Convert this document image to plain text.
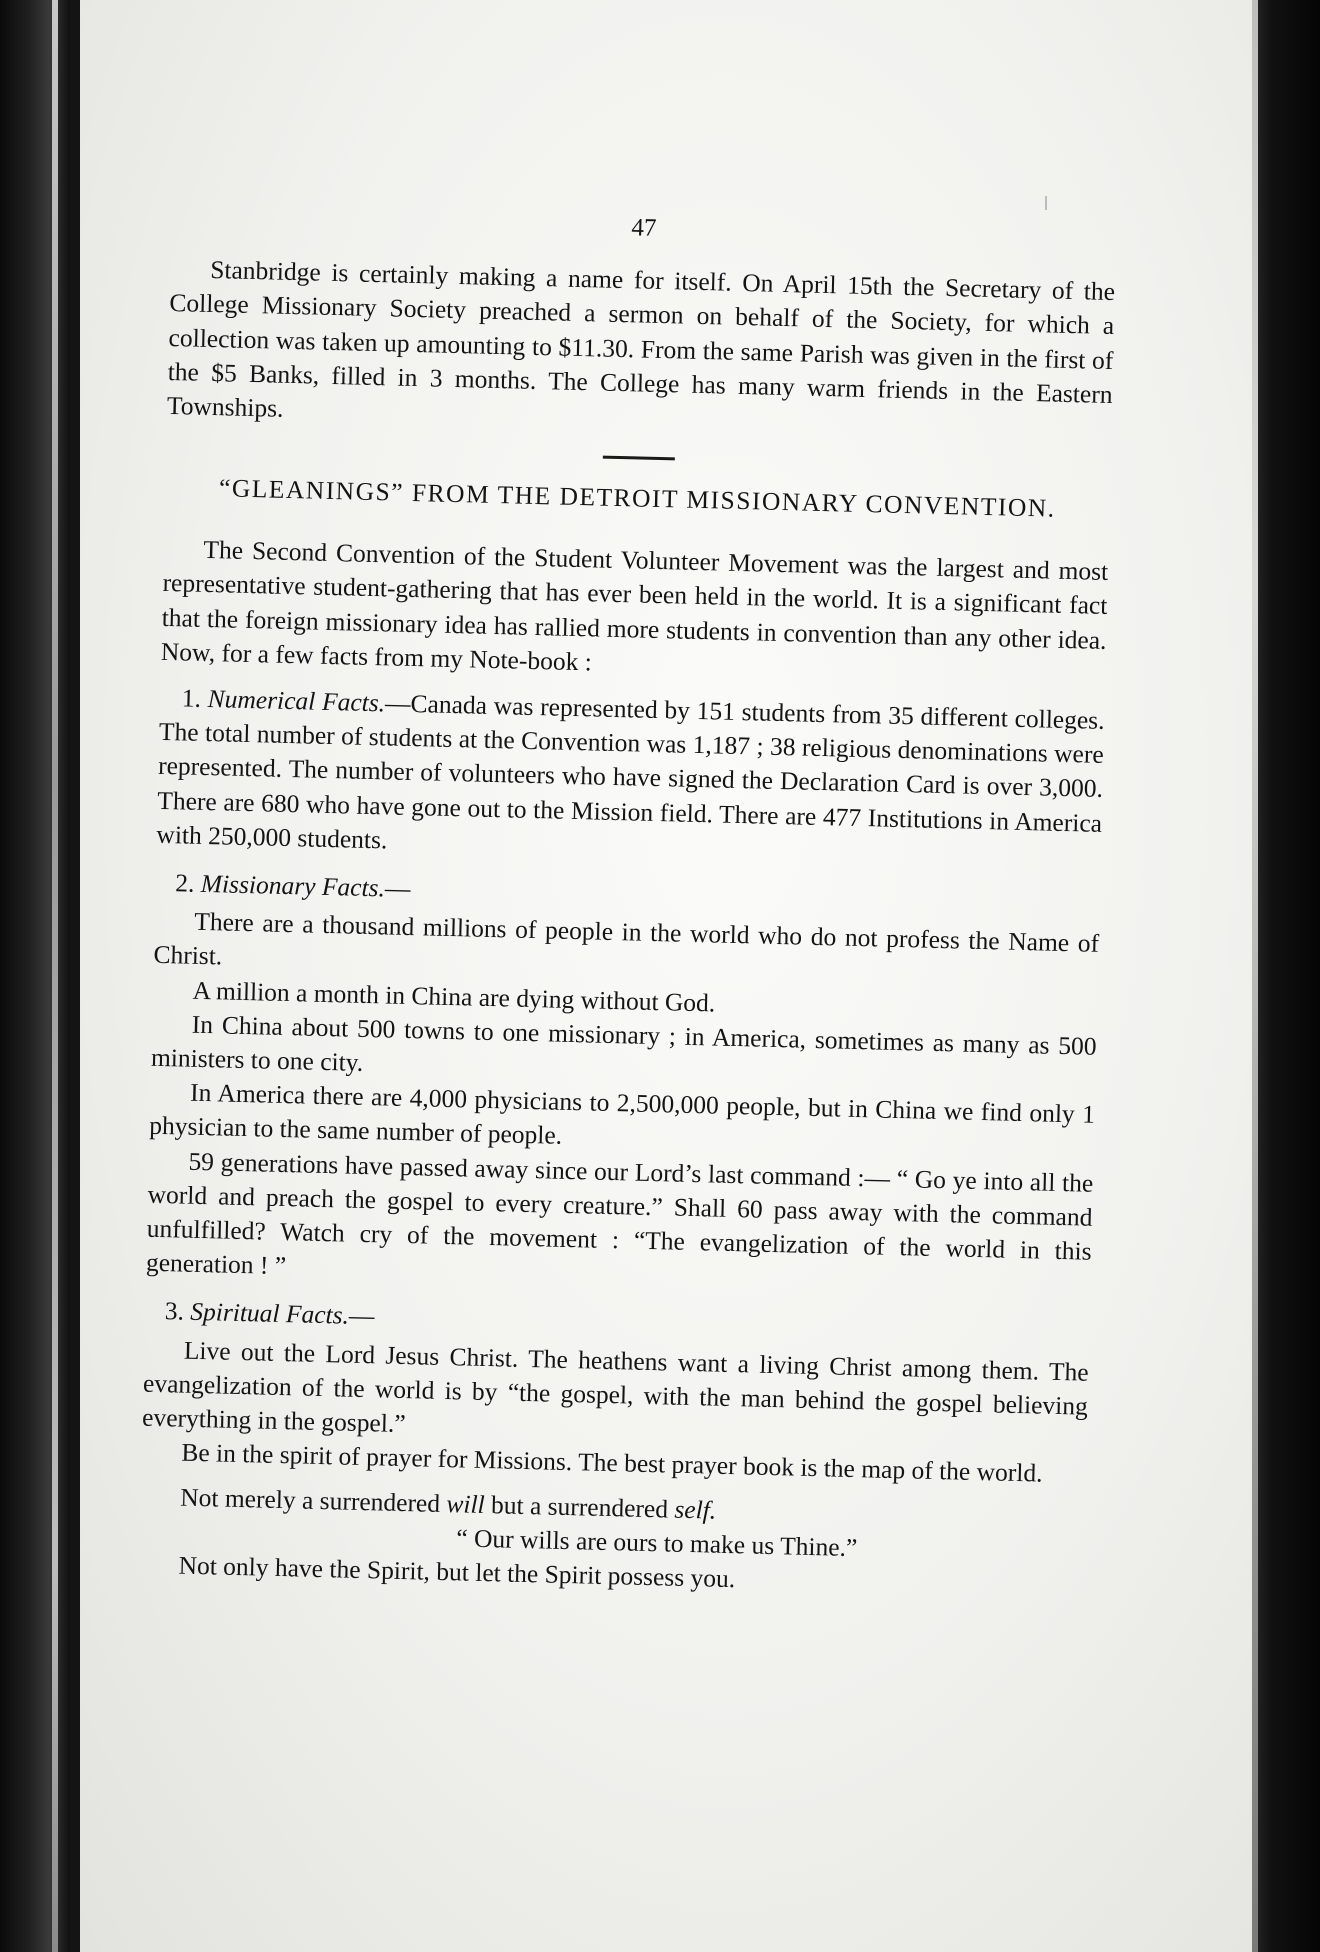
47

Stanbridge is certainly making a name for itself. On April 15th the Secretary of the College Missionary Society preached a sermon on behalf of the Society, for which a collection was taken up amounting to $11.30. From the same Parish was given in the first of the $5 Banks, filled in 3 months. The College has many warm friends in the Eastern Townships.

“GLEANINGS” FROM THE DETROIT MISSIONARY CONVENTION.

The Second Convention of the Student Volunteer Movement was the largest and most representative student-gathering that has ever been held in the world. It is a significant fact that the foreign missionary idea has rallied more students in convention than any other idea. Now, for a few facts from my Note-book :

1. Numerical Facts.—Canada was represented by 151 students from 35 different colleges. The total number of students at the Convention was 1,187 ; 38 religious denominations were represented. The number of volunteers who have signed the Declaration Card is over 3,000. There are 680 who have gone out to the Mission field. There are 477 Institutions in America with 250,000 students.

2. Missionary Facts.—

There are a thousand millions of people in the world who do not profess the Name of Christ.

A million a month in China are dying without God.

In China about 500 towns to one missionary ; in America, sometimes as many as 500 ministers to one city.

In America there are 4,000 physicians to 2,500,000 people, but in China we find only 1 physician to the same number of people.

59 generations have passed away since our Lord’s last command :— “ Go ye into all the world and preach the gospel to every creature.” Shall 60 pass away with the command unfulfilled? Watch cry of the movement : “The evangelization of the world in this generation ! ”

3. Spiritual Facts.—

Live out the Lord Jesus Christ. The heathens want a living Christ among them. The evangelization of the world is by “the gospel, with the man behind the gospel believing everything in the gospel.”

Be in the spirit of prayer for Missions. The best prayer book is the map of the world.

Not merely a surrendered will but a surrendered self.

“ Our wills are ours to make us Thine.”

Not only have the Spirit, but let the Spirit possess you.
